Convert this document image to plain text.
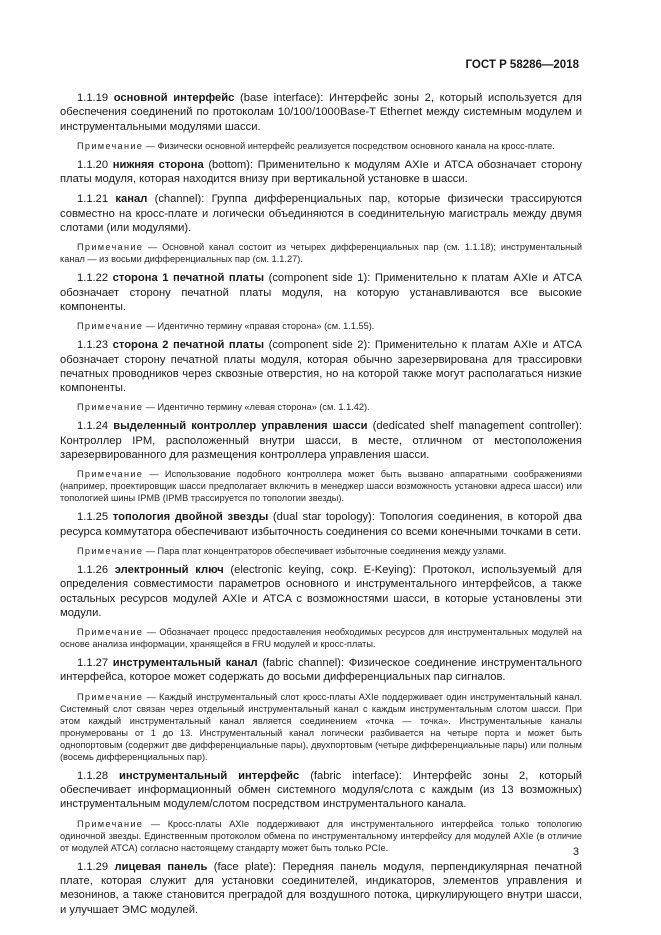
ГОСТ Р 58286—2018

1.1.19 основной интерфейс (base interface): Интерфейс зоны 2, который используется для обеспечения соединений по протоколам 10/100/1000Base-T Ethernet между системным модулем и инструментальными модулями шасси.

Примечание — Физически основной интерфейс реализуется посредством основного канала на кросс-плате.

1.1.20 нижняя сторона (bottom): Применительно к модулям AXIe и ATCA обозначает сторону платы модуля, которая находится внизу при вертикальной установке в шасси.

1.1.21 канал (channel): Группа дифференциальных пар, которые физически трассируются совместно на кросс-плате и логически объединяются в соединительную магистраль между двумя слотами (или модулями).

Примечание — Основной канал состоит из четырех дифференциальных пар (см. 1.1.18); инструментальный канал — из восьми дифференциальных пар (см. 1.1.27).

1.1.22 сторона 1 печатной платы (component side 1): Применительно к платам AXIe и ATCA обозначает сторону печатной платы модуля, на которую устанавливаются все высокие компоненты.

Примечание — Идентично термину «правая сторона» (см. 1.1.55).

1.1.23 сторона 2 печатной платы (component side 2): Применительно к платам AXIe и ATCA обозначает сторону печатной платы модуля, которая обычно зарезервирована для трассировки печатных проводников через сквозные отверстия, но на которой также могут располагаться низкие компоненты.

Примечание — Идентично термину «левая сторона» (см. 1.1.42).

1.1.24 выделенный контроллер управления шасси (dedicated shelf management controller): Контроллер IPM, расположенный внутри шасси, в месте, отличном от местоположения зарезервированного для размещения контроллера управления шасси.

Примечание — Использование подобного контроллера может быть вызвано аппаратными соображениями (например, проектировщик шасси предполагает включить в менеджер шасси возможность установки адреса шасси) или топологией шины IPMB (IPMB трассируется по топологии звезды).

1.1.25 топология двойной звезды (dual star topology): Топология соединения, в которой два ресурса коммутатора обеспечивают избыточность соединения со всеми конечными точками в сети.

Примечание — Пара плат концентраторов обеспечивает избыточные соединения между узлами.

1.1.26 электронный ключ (electronic keying, сокр. E-Keying): Протокол, используемый для определения совместимости параметров основного и инструментального интерфейсов, а также остальных ресурсов модулей AXIe и ATCA с возможностями шасси, в которые установлены эти модули.

Примечание — Обозначает процесс предоставления необходимых ресурсов для инструментальных модулей на основе анализа информации, хранящейся в FRU модулей и кросс-платы.

1.1.27 инструментальный канал (fabric channel): Физическое соединение инструментального интерфейса, которое может содержать до восьми дифференциальных пар сигналов.

Примечание — Каждый инструментальный слот кросс-платы AXIe поддерживает один инструментальный канал. Системный слот связан через отдельный инструментальный канал с каждым инструментальным слотом шасси. При этом каждый инструментальный канал является соединением «точка — точка». Инструментальные каналы пронумерованы от 1 до 13. Инструментальный канал логически разбивается на четыре порта и может быть однопортовым (содержит две дифференциальные пары), двухпортовым (четыре дифференциальные пары) или полным (восемь дифференциальных пар).

1.1.28 инструментальный интерфейс (fabric interface): Интерфейс зоны 2, который обеспечивает информационный обмен системного модуля/слота с каждым (из 13 возможных) инструментальным модулем/слотом посредством инструментального канала.

Примечание — Кросс-платы AXIe поддерживают для инструментального интерфейса только топологию одиночной звезды. Единственным протоколом обмена по инструментальному интерфейсу для модулей AXIe (в отличие от модулей ATCA) согласно настоящему стандарту может быть только PCIe.

1.1.29 лицевая панель (face plate): Передняя панель модуля, перпендикулярная печатной плате, которая служит для установки соединителей, индикаторов, элементов управления и мезонинов, а также становится преградой для воздушного потока, циркулирующего внутри шасси, и улучшает ЭМС модулей.

3
